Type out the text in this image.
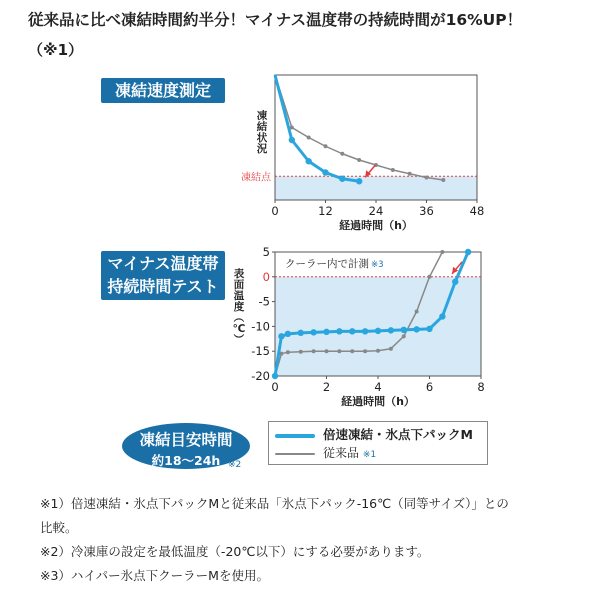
従来品に比べ凍結時間約半分！マイナス温度帯の持続時間が16%UP！
（※1）
凍結速度測定
マイナス温度帯
持続時間テスト
凍結点
0	12	24	36	48
経過時間（h）
凍
結
状
況
0	2	4	6	8
経過時間（h）
5
0
-5
-10
-15
-20
表
面
温
度
（
℃
）
クーラー内で計測 ※3
凍結目安時間
約18〜24h ※2
倍速凍結・氷点下パックM
従来品 ※1

※1）倍速凍結・氷点下パックMと従来品「氷点下パック-16℃（同等サイズ）」との

比較。

※2）冷凍庫の設定を最低温度（-20℃以下）にする必要があります。

※3）ハイパー氷点下クーラーMを使用。
